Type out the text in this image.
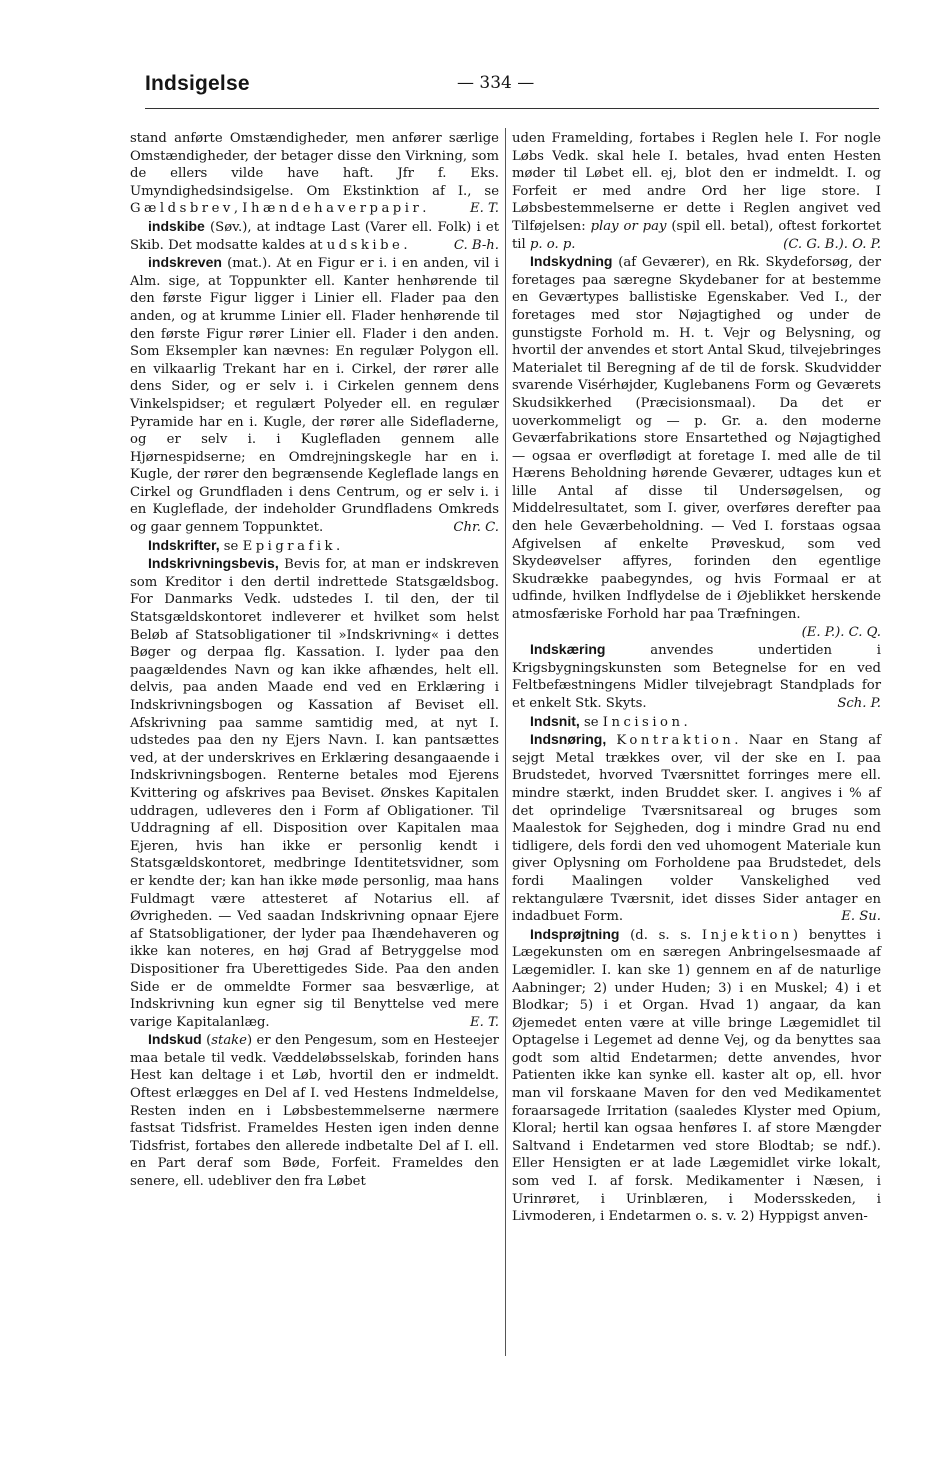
Indsigelse	— 334 —

stand anførte Omstændigheder, men anfører særlige Omstændigheder, der betager disse den Virkning, som de ellers vilde have haft. Jfr f. Eks. Umyndighedsindsigelse. Om Ekstinktion af I., se Gældsbrev, Ihændehaverpapir.	E. T.

indskibe (Søv.), at indtage Last (Varer ell. Folk) i et Skib. Det modsatte kaldes at udskibe.	C. B-h.

indskreven (mat.). At en Figur er i. i en anden, vil i Alm. sige, at Toppunkter ell. Kanter henhørende til den første Figur ligger i Linier ell. Flader paa den anden, og at krumme Linier ell. Flader henhørende til den første Figur rører Linier ell. Flader i den anden. Som Eksempler kan nævnes: En regulær Polygon ell. en vilkaarlig Trekant har en i. Cirkel, der rører alle dens Sider, og er selv i. i Cirkelen gennem dens Vinkelspidser; et regulært Polyeder ell. en regulær Pyramide har en i. Kugle, der rører alle Sidefladerne, og er selv i. i Kuglefladen gennem alle Hjørnespidserne; en Omdrejningskegle har en i. Kugle, der rører den begrænsende Kegleflade langs en Cirkel og Grundfladen i dens Centrum, og er selv i. i en Kugleflade, der indeholder Grundfladens Omkreds og gaar gennem Toppunktet.	Chr. C.

Indskrifter, se Epigrafik.

Indskrivningsbevis, Bevis for, at man er indskreven som Kreditor i den dertil indrettede Statsgældsbog. For Danmarks Vedk. udstedes I. til den, der til Statsgældskontoret indleverer et hvilket som helst Beløb af Statsobligationer til »Indskrivning« i dettes Bøger og derpaa flg. Kassation. I. lyder paa den paagældendes Navn og kan ikke afhændes, helt ell. delvis, paa anden Maade end ved en Erklæring i Indskrivningsbogen og Kassation af Beviset ell. Afskrivning paa samme samtidig med, at nyt I. udstedes paa den ny Ejers Navn. I. kan pantsættes ved, at der underskrives en Erklæring desangaaende i Indskrivningsbogen. Renterne betales mod Ejerens Kvittering og afskrives paa Beviset. Ønskes Kapitalen uddragen, udleveres den i Form af Obligationer. Til Uddragning af ell. Disposition over Kapitalen maa Ejeren, hvis han ikke er personlig kendt i Statsgældskontoret, medbringe Identitetsvidner, som er kendte der; kan han ikke møde personlig, maa hans Fuldmagt være attesteret af Notarius ell. af Øvrigheden. — Ved saadan Indskrivning opnaar Ejere af Statsobligationer, der lyder paa Ihændehaveren og ikke kan noteres, en høj Grad af Betryggelse mod Dispositioner fra Uberettigedes Side. Paa den anden Side er de ommeldte Former saa besværlige, at Indskrivning kun egner sig til Benyttelse ved mere varige Kapitalanlæg.	E. T.

Indskud (stake) er den Pengesum, som en Hesteejer maa betale til vedk. Væddeløbsselskab, forinden hans Hest kan deltage i et Løb, hvortil den er indmeldt. Oftest erlægges en Del af I. ved Hestens Indmeldelse, Resten inden en i Løbsbestemmelserne nærmere fastsat Tidsfrist. Frameldes Hesten igen inden denne Tidsfrist, fortabes den allerede indbetalte Del af I. ell. en Part deraf som Bøde, Forfeit. Frameldes den senere, ell. udebliver den fra Løbet

uden Framelding, fortabes i Reglen hele I. For nogle Løbs Vedk. skal hele I. betales, hvad enten Hesten møder til Løbet ell. ej, blot den er indmeldt. I. og Forfeit er med andre Ord her lige store. I Løbsbestemmelserne er dette i Reglen angivet ved Tilføjelsen: play or pay (spil ell. betal), oftest forkortet til p. o. p.	(C. G. B.). O. P.

Indskydning (af Geværer), en Rk. Skydeforsøg, der foretages paa særegne Skydebaner for at bestemme en Geværtypes ballistiske Egenskaber. Ved I., der foretages med stor Nøjagtighed og under de gunstigste Forhold m. H. t. Vejr og Belysning, og hvortil der anvendes et stort Antal Skud, tilvejebringes Materialet til Beregning af de til de forsk. Skudvidder svarende Visérhøjder, Kuglebanens Form og Geværets Skudsikkerhed (Præcisionsmaal). Da det er uoverkommeligt og — p. Gr. a. den moderne Geværfabrikations store Ensartethed og Nøjagtighed — ogsaa er overflødigt at foretage I. med alle de til Hærens Beholdning hørende Geværer, udtages kun et lille Antal af disse til Undersøgelsen, og Middelresultatet, som I. giver, overføres derefter paa den hele Geværbeholdning. — Ved I. forstaas ogsaa Afgivelsen af enkelte Prøveskud, som ved Skydeøvelser affyres, forinden den egentlige Skudrække paabegyndes, og hvis Formaal er at udfinde, hvilken Indflydelse de i Øjeblikket herskende atmosfæriske Forhold har paa Træfningen.
(E. P.). C. Q.

Indskæring anvendes undertiden i Krigsbygningskunsten som Betegnelse for en ved Feltbefæstningens Midler tilvejebragt Standplads for et enkelt Stk. Skyts.	Sch. P.

Indsnit, se Incision.

Indsnøring, Kontraktion. Naar en Stang af sejgt Metal trækkes over, vil der ske en I. paa Brudstedet, hvorved Tværsnittet forringes mere ell. mindre stærkt, inden Bruddet sker. I. angives i % af det oprindelige Tværsnitsareal og bruges som Maalestok for Sejgheden, dog i mindre Grad nu end tidligere, dels fordi den ved uhomogent Materiale kun giver Oplysning om Forholdene paa Brudstedet, dels fordi Maalingen volder Vanskelighed ved rektangulære Tværsnit, idet disses Sider antager en indadbuet Form.	E. Su.

Indsprøjtning (d. s. s. Injektion) benyttes i Lægekunsten om en særegen Anbringelsesmaade af Lægemidler. I. kan ske 1) gennem en af de naturlige Aabninger; 2) under Huden; 3) i en Muskel; 4) i et Blodkar; 5) i et Organ. Hvad 1) angaar, da kan Øjemedet enten være at ville bringe Lægemidlet til Optagelse i Legemet ad denne Vej, og da benyttes saa godt som altid Endetarmen; dette anvendes, hvor Patienten ikke kan synke ell. kaster alt op, ell. hvor man vil forskaane Maven for den ved Medikamentet foraarsagede Irritation (saaledes Klyster med Opium, Kloral; hertil kan ogsaa henføres I. af store Mængder Saltvand i Endetarmen ved store Blodtab; se ndf.). Eller Hensigten er at lade Lægemidlet virke lokalt, som ved I. af forsk. Medikamenter i Næsen, i Urinrøret, i Urinblæren, i Modersskeden, i Livmoderen, i Endetarmen o. s. v. 2) Hyppigst anven-
